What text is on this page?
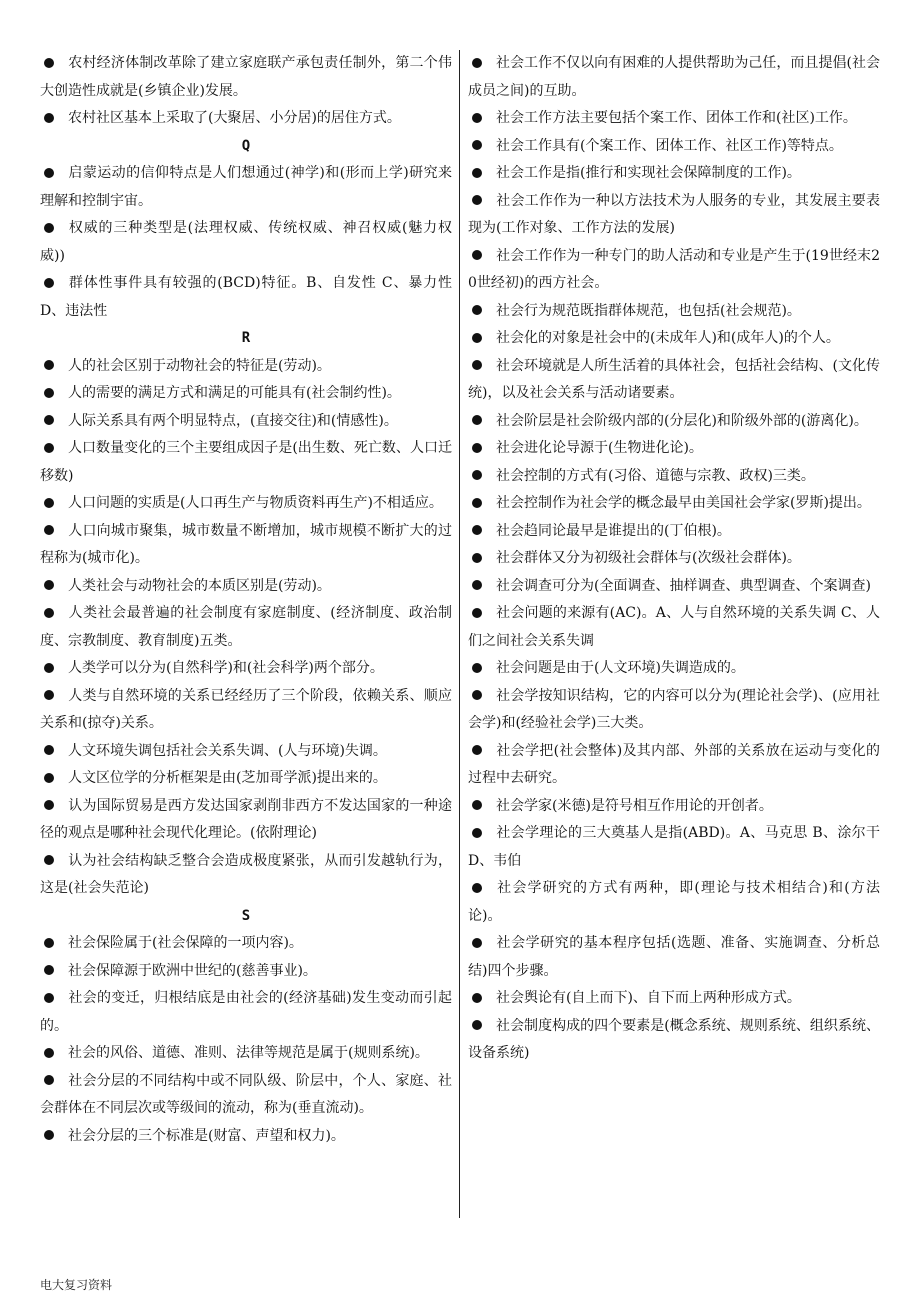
农村经济体制改革除了建立家庭联产承包责任制外，第二个伟大创造性成就是(乡镇企业)发展。
农村社区基本上采取了(大聚居、小分居)的居住方式。
Q
启蒙运动的信仰特点是人们想通过(神学)和(形而上学)研究来理解和控制宇宙。
权威的三种类型是(法理权威、传统权威、神召权威(魅力权威))
群体性事件具有较强的(BCD)特征。B、自发性 C、暴力性 D、违法性
R
人的社会区别于动物社会的特征是(劳动)。
人的需要的满足方式和满足的可能具有(社会制约性)。
人际关系具有两个明显特点，(直接交往)和(情感性)。
人口数量变化的三个主要组成因子是(出生数、死亡数、人口迁移数)
人口问题的实质是(人口再生产与物质资料再生产)不相适应。
人口向城市聚集，城市数量不断增加，城市规模不断扩大的过程称为(城市化)。
人类社会与动物社会的本质区别是(劳动)。
人类社会最普遍的社会制度有家庭制度、(经济制度、政治制度、宗教制度、教育制度)五类。
人类学可以分为(自然科学)和(社会科学)两个部分。
人类与自然环境的关系已经经历了三个阶段，依赖关系、顺应关系和(掠夺)关系。
人文环境失调包括社会关系失调、(人与环境)失调。
人文区位学的分析框架是由(芝加哥学派)提出来的。
认为国际贸易是西方发达国家剥削非西方不发达国家的一种途径的观点是哪种社会现代化理论。(依附理论)
认为社会结构缺乏整合会造成极度紧张，从而引发越轨行为，这是(社会失范论)
S
社会保险属于(社会保障的一项内容)。
社会保障源于欧洲中世纪的(慈善事业)。
社会的变迁，归根结底是由社会的(经济基础)发生变动而引起的。
社会的风俗、道德、准则、法律等规范是属于(规则系统)。
社会分层的不同结构中或不同队级、阶层中，个人、家庭、社会群体在不同层次或等级间的流动，称为(垂直流动)。
社会分层的三个标准是(财富、声望和权力)。
社会工作不仅以向有困难的人提供帮助为己任，而且提倡(社会成员之间)的互助。
社会工作方法主要包括个案工作、团体工作和(社区)工作。
社会工作具有(个案工作、团体工作、社区工作)等特点。
社会工作是指(推行和实现社会保障制度的工作)。
社会工作作为一种以方法技术为人服务的专业，其发展主要表现为(工作对象、工作方法的发展)
社会工作作为一种专门的助人活动和专业是产生于(19世经末20世经初)的西方社会。
社会行为规范既指群体规范，也包括(社会规范)。
社会化的对象是社会中的(未成年人)和(成年人)的个人。
社会环境就是人所生活着的具体社会，包括社会结构、(文化传统)，以及社会关系与活动诸要素。
社会阶层是社会阶级内部的(分层化)和阶级外部的(游离化)。
社会进化论导源于(生物进化论)。
社会控制的方式有(习俗、道德与宗教、政权)三类。
社会控制作为社会学的概念最早由美国社会学家(罗斯)提出。
社会趋同论最早是谁提出的(丁伯根)。
社会群体又分为初级社会群体与(次级社会群体)。
社会调查可分为(全面调查、抽样调查、典型调查、个案调查)
社会问题的来源有(AC)。A、人与自然环境的关系失调 C、人们之间社会关系失调
社会问题是由于(人文环境)失调造成的。
社会学按知识结构，它的内容可以分为(理论社会学)、(应用社会学)和(经验社会学)三大类。
社会学把(社会整体)及其内部、外部的关系放在运动与变化的过程中去研究。
社会学家(米德)是符号相互作用论的开创者。
社会学理论的三大奠基人是指(ABD)。A、马克思 B、涂尔干 D、韦伯
社会学研究的方式有两种，即(理论与技术相结合)和(方法论)。
社会学研究的基本程序包括(选题、准备、实施调查、分析总结)四个步骤。
社会舆论有(自上而下)、自下而上两种形成方式。
社会制度构成的四个要素是(概念系统、规则系统、组织系统、设备系统)
电大复习资料
